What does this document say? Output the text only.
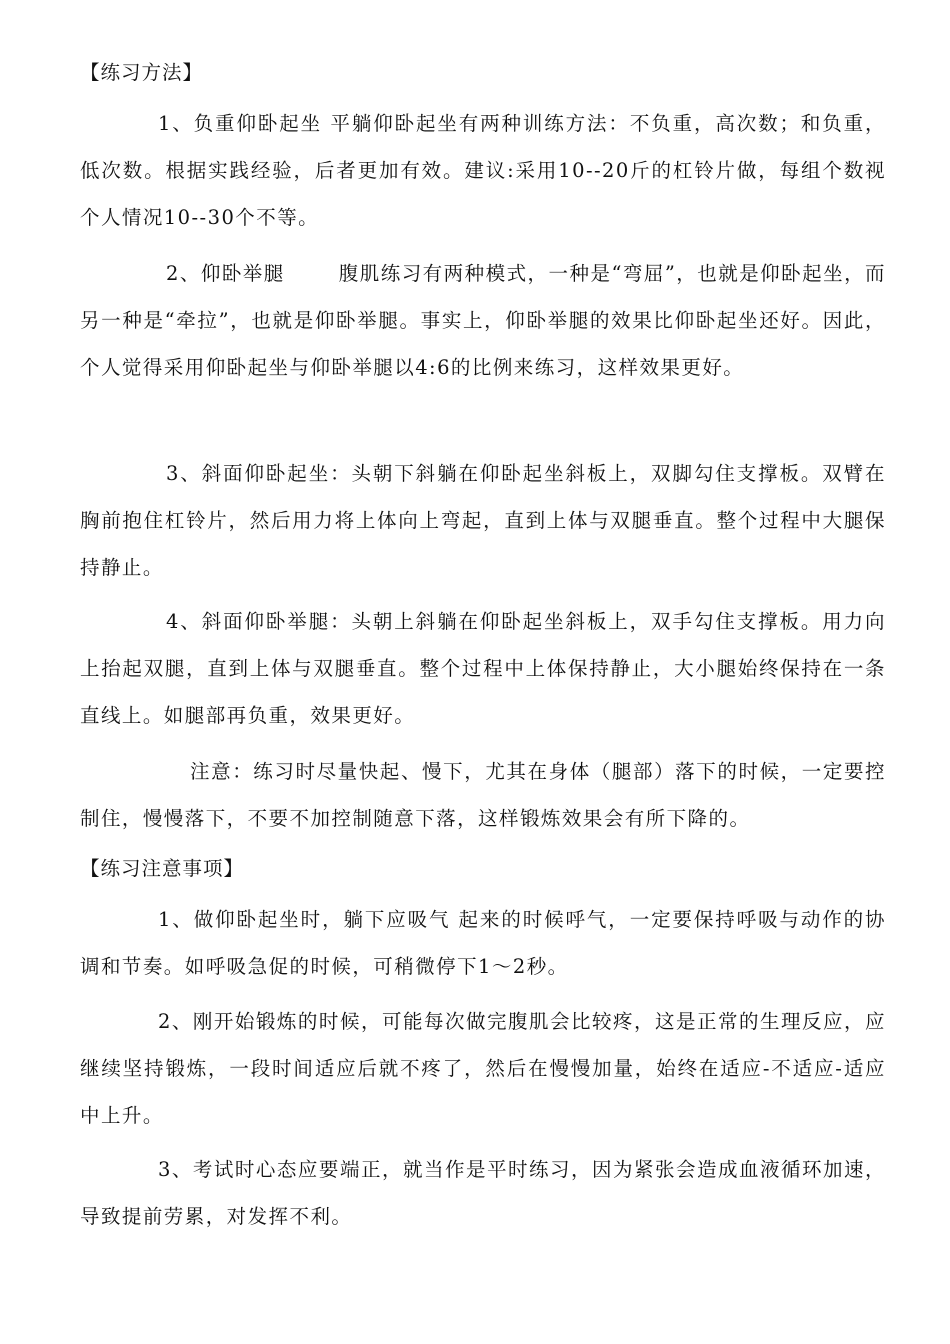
【练习方法】

1、负重仰卧起坐 平躺仰卧起坐有两种训练方法：不负重，高次数；和负重，低次数。根据实践经验，后者更加有效。建议:采用10--20斤的杠铃片做，每组个数视个人情况10--30个不等。

2、仰卧举腿	腹肌练习有两种模式，一种是“弯屈”，也就是仰卧起坐，而另一种是“牵拉”，也就是仰卧举腿。事实上，仰卧举腿的效果比仰卧起坐还好。因此，个人觉得采用仰卧起坐与仰卧举腿以4:6的比例来练习，这样效果更好。

3、斜面仰卧起坐：头朝下斜躺在仰卧起坐斜板上，双脚勾住支撑板。双臂在胸前抱住杠铃片，然后用力将上体向上弯起，直到上体与双腿垂直。整个过程中大腿保持静止。

4、斜面仰卧举腿：头朝上斜躺在仰卧起坐斜板上，双手勾住支撑板。用力向上抬起双腿，直到上体与双腿垂直。整个过程中上体保持静止，大小腿始终保持在一条直线上。如腿部再负重，效果更好。

注意：练习时尽量快起、慢下，尤其在身体（腿部）落下的时候，一定要控制住，慢慢落下，不要不加控制随意下落，这样锻炼效果会有所下降的。

【练习注意事项】

1、做仰卧起坐时，躺下应吸气 起来的时候呼气，一定要保持呼吸与动作的协调和节奏。如呼吸急促的时候，可稍微停下1～2秒。

2、刚开始锻炼的时候，可能每次做完腹肌会比较疼，这是正常的生理反应，应继续坚持锻炼，一段时间适应后就不疼了，然后在慢慢加量，始终在适应-不适应-适应中上升。

3、考试时心态应要端正，就当作是平时练习，因为紧张会造成血液循环加速，导致提前劳累，对发挥不利。
